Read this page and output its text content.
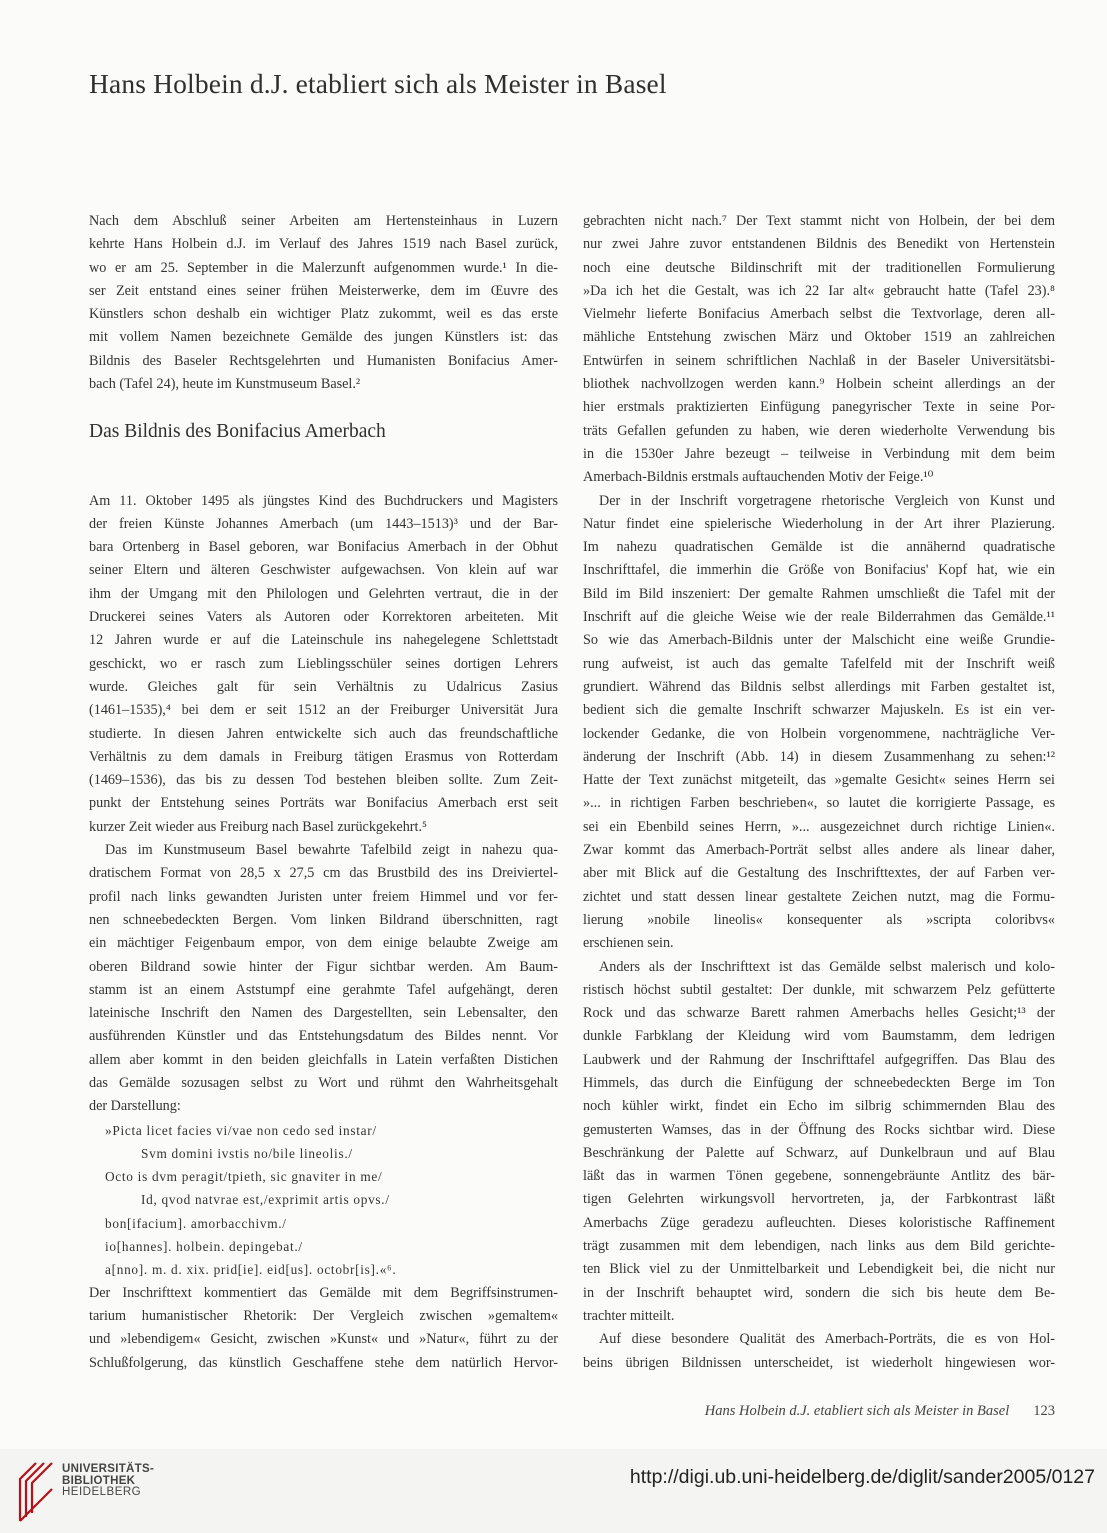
Hans Holbein d.J. etabliert sich als Meister in Basel

Nach dem Abschluß seiner Arbeiten am Hertensteinhaus in Luzern

kehrte Hans Holbein d.J. im Verlauf des Jahres 1519 nach Basel zurück,

wo er am 25. September in die Malerzunft aufgenommen wurde.¹ In die-

ser Zeit entstand eines seiner frühen Meisterwerke, dem im Œuvre des

Künstlers schon deshalb ein wichtiger Platz zukommt, weil es das erste

mit vollem Namen bezeichnete Gemälde des jungen Künstlers ist: das

Bildnis des Baseler Rechtsgelehrten und Humanisten Bonifacius Amer-

bach (Tafel 24), heute im Kunstmuseum Basel.²

Das Bildnis des Bonifacius Amerbach

Am 11. Oktober 1495 als jüngstes Kind des Buchdruckers und Magisters

der freien Künste Johannes Amerbach (um 1443–1513)³ und der Bar-

bara Ortenberg in Basel geboren, war Bonifacius Amerbach in der Obhut

seiner Eltern und älteren Geschwister aufgewachsen. Von klein auf war

ihm der Umgang mit den Philologen und Gelehrten vertraut, die in der

Druckerei seines Vaters als Autoren oder Korrektoren arbeiteten. Mit

12 Jahren wurde er auf die Lateinschule ins nahegelegene Schlettstadt

geschickt, wo er rasch zum Lieblingsschüler seines dortigen Lehrers

wurde. Gleiches galt für sein Verhältnis zu Udalricus Zasius

(1461–1535),⁴ bei dem er seit 1512 an der Freiburger Universität Jura

studierte. In diesen Jahren entwickelte sich auch das freundschaftliche

Verhältnis zu dem damals in Freiburg tätigen Erasmus von Rotterdam

(1469–1536), das bis zu dessen Tod bestehen bleiben sollte. Zum Zeit-

punkt der Entstehung seines Porträts war Bonifacius Amerbach erst seit

kurzer Zeit wieder aus Freiburg nach Basel zurückgekehrt.⁵

Das im Kunstmuseum Basel bewahrte Tafelbild zeigt in nahezu qua-

dratischem Format von 28,5 x 27,5 cm das Brustbild des ins Dreiviertel-

profil nach links gewandten Juristen unter freiem Himmel und vor fer-

nen schneebedeckten Bergen. Vom linken Bildrand überschnitten, ragt

ein mächtiger Feigenbaum empor, von dem einige belaubte Zweige am

oberen Bildrand sowie hinter der Figur sichtbar werden. Am Baum-

stamm ist an einem Aststumpf eine gerahmte Tafel aufgehängt, deren

lateinische Inschrift den Namen des Dargestellten, sein Lebensalter, den

ausführenden Künstler und das Entstehungsdatum des Bildes nennt. Vor

allem aber kommt in den beiden gleichfalls in Latein verfaßten Distichen

das Gemälde sozusagen selbst zu Wort und rühmt den Wahrheitsgehalt

der Darstellung:

»Picta licet facies vi/vae non cedo sed instar/

Svm domini ivstis no/bile lineolis./

Octo is dvm peragit/tpieth, sic gnaviter in me/

Id, qvod natvrae est,/exprimit artis opvs./

bon[ifacium]. amorbacchivm./

io[hannes]. holbein. depingebat./

a[nno]. m. d. xix. prid[ie]. eid[us]. octobr[is].«⁶.

Der Inschrifttext kommentiert das Gemälde mit dem Begriffsinstrumen-

tarium humanistischer Rhetorik: Der Vergleich zwischen »gemaltem«

und »lebendigem« Gesicht, zwischen »Kunst« und »Natur«, führt zu der

Schlußfolgerung, das künstlich Geschaffene stehe dem natürlich Hervor-

gebrachten nicht nach.⁷ Der Text stammt nicht von Holbein, der bei dem

nur zwei Jahre zuvor entstandenen Bildnis des Benedikt von Hertenstein

noch eine deutsche Bildinschrift mit der traditionellen Formulierung

»Da ich het die Gestalt, was ich 22 Iar alt« gebraucht hatte (Tafel 23).⁸

Vielmehr lieferte Bonifacius Amerbach selbst die Textvorlage, deren all-

mähliche Entstehung zwischen März und Oktober 1519 an zahlreichen

Entwürfen in seinem schriftlichen Nachlaß in der Baseler Universitätsbi-

bliothek nachvollzogen werden kann.⁹ Holbein scheint allerdings an der

hier erstmals praktizierten Einfügung panegyrischer Texte in seine Por-

träts Gefallen gefunden zu haben, wie deren wiederholte Verwendung bis

in die 1530er Jahre bezeugt – teilweise in Verbindung mit dem beim

Amerbach-Bildnis erstmals auftauchenden Motiv der Feige.¹⁰

Der in der Inschrift vorgetragene rhetorische Vergleich von Kunst und

Natur findet eine spielerische Wiederholung in der Art ihrer Plazierung.

Im nahezu quadratischen Gemälde ist die annähernd quadratische

Inschrifttafel, die immerhin die Größe von Bonifacius' Kopf hat, wie ein

Bild im Bild inszeniert: Der gemalte Rahmen umschließt die Tafel mit der

Inschrift auf die gleiche Weise wie der reale Bilderrahmen das Gemälde.¹¹

So wie das Amerbach-Bildnis unter der Malschicht eine weiße Grundie-

rung aufweist, ist auch das gemalte Tafelfeld mit der Inschrift weiß

grundiert. Während das Bildnis selbst allerdings mit Farben gestaltet ist,

bedient sich die gemalte Inschrift schwarzer Majuskeln. Es ist ein ver-

lockender Gedanke, die von Holbein vorgenommene, nachträgliche Ver-

änderung der Inschrift (Abb. 14) in diesem Zusammenhang zu sehen:¹²

Hatte der Text zunächst mitgeteilt, das »gemalte Gesicht« seines Herrn sei

»... in richtigen Farben beschrieben«, so lautet die korrigierte Passage, es

sei ein Ebenbild seines Herrn, »... ausgezeichnet durch richtige Linien«.

Zwar kommt das Amerbach-Porträt selbst alles andere als linear daher,

aber mit Blick auf die Gestaltung des Inschrifttextes, der auf Farben ver-

zichtet und statt dessen linear gestaltete Zeichen nutzt, mag die Formu-

lierung »nobile lineolis« konsequenter als »scripta coloribvs«

erschienen sein.

Anders als der Inschrifttext ist das Gemälde selbst malerisch und kolo-

ristisch höchst subtil gestaltet: Der dunkle, mit schwarzem Pelz gefütterte

Rock und das schwarze Barett rahmen Amerbachs helles Gesicht;¹³ der

dunkle Farbklang der Kleidung wird vom Baumstamm, dem ledrigen

Laubwerk und der Rahmung der Inschrifttafel aufgegriffen. Das Blau des

Himmels, das durch die Einfügung der schneebedeckten Berge im Ton

noch kühler wirkt, findet ein Echo im silbrig schimmernden Blau des

gemusterten Wamses, das in der Öffnung des Rocks sichtbar wird. Diese

Beschränkung der Palette auf Schwarz, auf Dunkelbraun und auf Blau

läßt das in warmen Tönen gegebene, sonnengebräunte Antlitz des bär-

tigen Gelehrten wirkungsvoll hervortreten, ja, der Farbkontrast läßt

Amerbachs Züge geradezu aufleuchten. Dieses koloristische Raffinement

trägt zusammen mit dem lebendigen, nach links aus dem Bild gerichte-

ten Blick viel zu der Unmittelbarkeit und Lebendigkeit bei, die nicht nur

in der Inschrift behauptet wird, sondern die sich bis heute dem Be-

trachter mitteilt.

Auf diese besondere Qualität des Amerbach-Porträts, die es von Hol-

beins übrigen Bildnissen unterscheidet, ist wiederholt hingewiesen wor-

Hans Holbein d.J. etabliert sich als Meister in Basel 123

UNIVERSITÄTS-
BIBLIOTHEK
HEIDELBERG
http://digi.ub.uni-heidelberg.de/diglit/sander2005/0127
